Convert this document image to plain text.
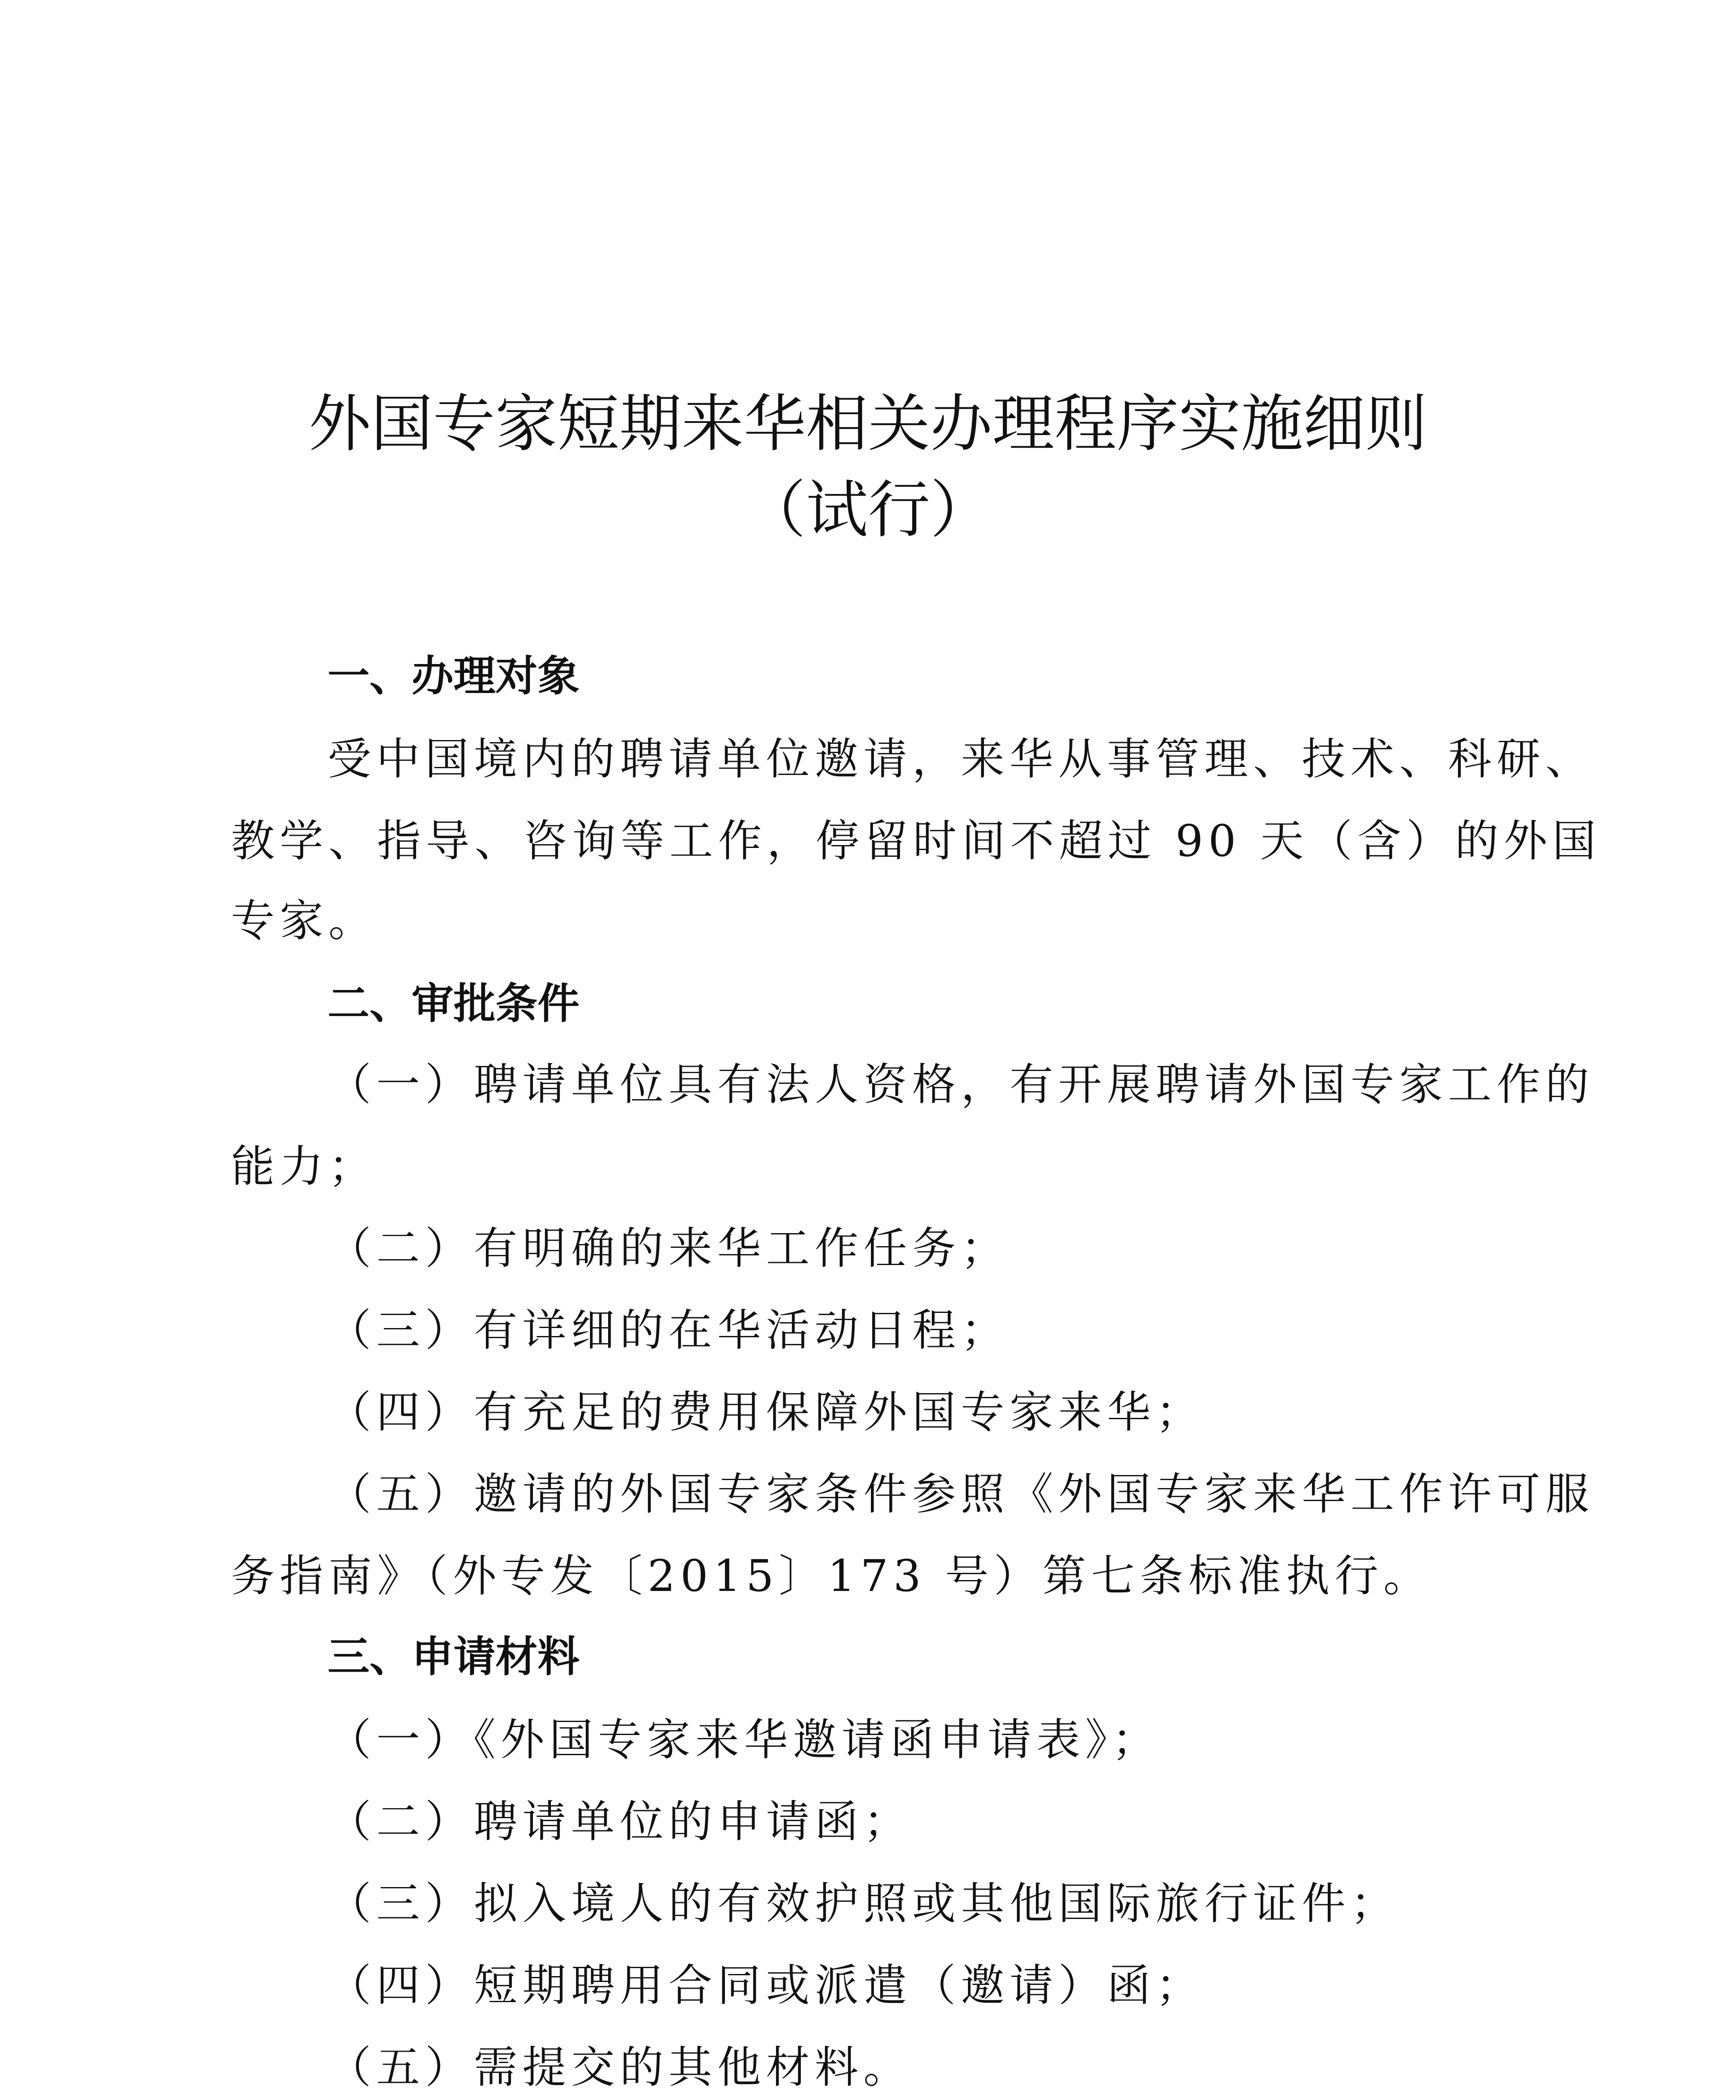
外国专家短期来华相关办理程序实施细则
（试行）
一、办理对象
受中国境内的聘请单位邀请，来华从事管理、技术、科研、
教学、指导、咨询等工作，停留时间不超过 90 天（含）的外国
专家。
二、审批条件
（一）聘请单位具有法人资格，有开展聘请外国专家工作的
能力；
（二）有明确的来华工作任务；
（三）有详细的在华活动日程；
（四）有充足的费用保障外国专家来华；
（五）邀请的外国专家条件参照《外国专家来华工作许可服
务指南》（外专发〔2015〕173 号）第七条标准执行。
三、申请材料
（一）《外国专家来华邀请函申请表》；
（二）聘请单位的申请函；
（三）拟入境人的有效护照或其他国际旅行证件；
（四）短期聘用合同或派遣（邀请）函；
（五）需提交的其他材料。
